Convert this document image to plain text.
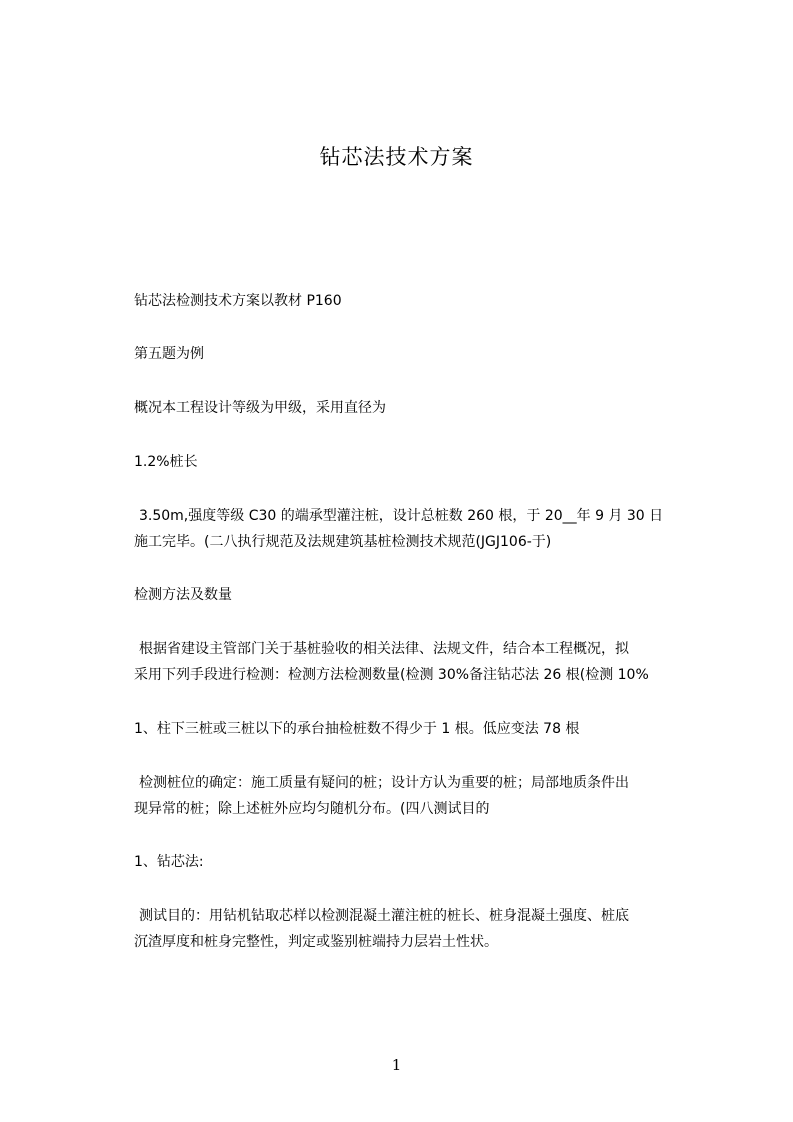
钻芯法技术方案
钻芯法检测技术方案以教材 P160
第五题为例
概况本工程设计等级为甲级，采用直径为
1.2%桩长
3.50m,强度等级 C30 的端承型灌注桩，设计总桩数 260 根，于 20__年 9 月 30 日
施工完毕。(二八执行规范及法规建筑基桩检测技术规范(JGJ106-于)
检测方法及数量
根据省建设主管部门关于基桩验收的相关法律、法规文件，结合本工程概况，拟
采用下列手段进行检测：检测方法检测数量(检测 30%备注钻芯法 26 根(检测 10%
1、柱下三桩或三桩以下的承台抽检桩数不得少于 1 根。低应变法 78 根
检测桩位的确定：施工质量有疑问的桩；设计方认为重要的桩；局部地质条件出
现异常的桩；除上述桩外应均匀随机分布。(四八测试目的
1、钻芯法:
测试目的：用钻机钻取芯样以检测混凝土灌注桩的桩长、桩身混凝土强度、桩底
沉渣厚度和桩身完整性，判定或鉴别桩端持力层岩土性状。
1
